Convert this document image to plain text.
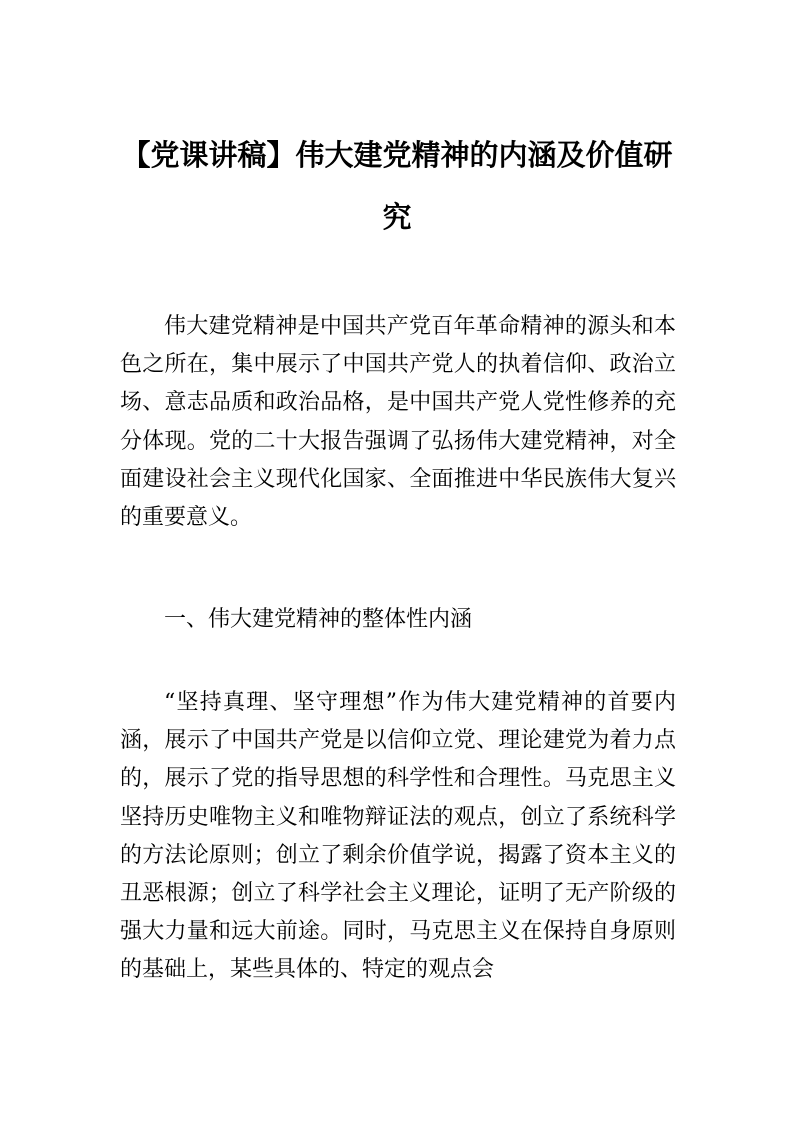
【党课讲稿】伟大建党精神的内涵及价值研究

伟大建党精神是中国共产党百年革命精神的源头和本色之所在，集中展示了中国共产党人的执着信仰、政治立场、意志品质和政治品格，是中国共产党人党性修养的充分体现。党的二十大报告强调了弘扬伟大建党精神，对全面建设社会主义现代化国家、全面推进中华民族伟大复兴的重要意义。

一、伟大建党精神的整体性内涵

“坚持真理、坚守理想”作为伟大建党精神的首要内涵，展示了中国共产党是以信仰立党、理论建党为着力点的，展示了党的指导思想的科学性和合理性。马克思主义坚持历史唯物主义和唯物辩证法的观点，创立了系统科学的方法论原则；创立了剩余价值学说，揭露了资本主义的丑恶根源；创立了科学社会主义理论，证明了无产阶级的强大力量和远大前途。同时，马克思主义在保持自身原则的基础上，某些具体的、特定的观点会
